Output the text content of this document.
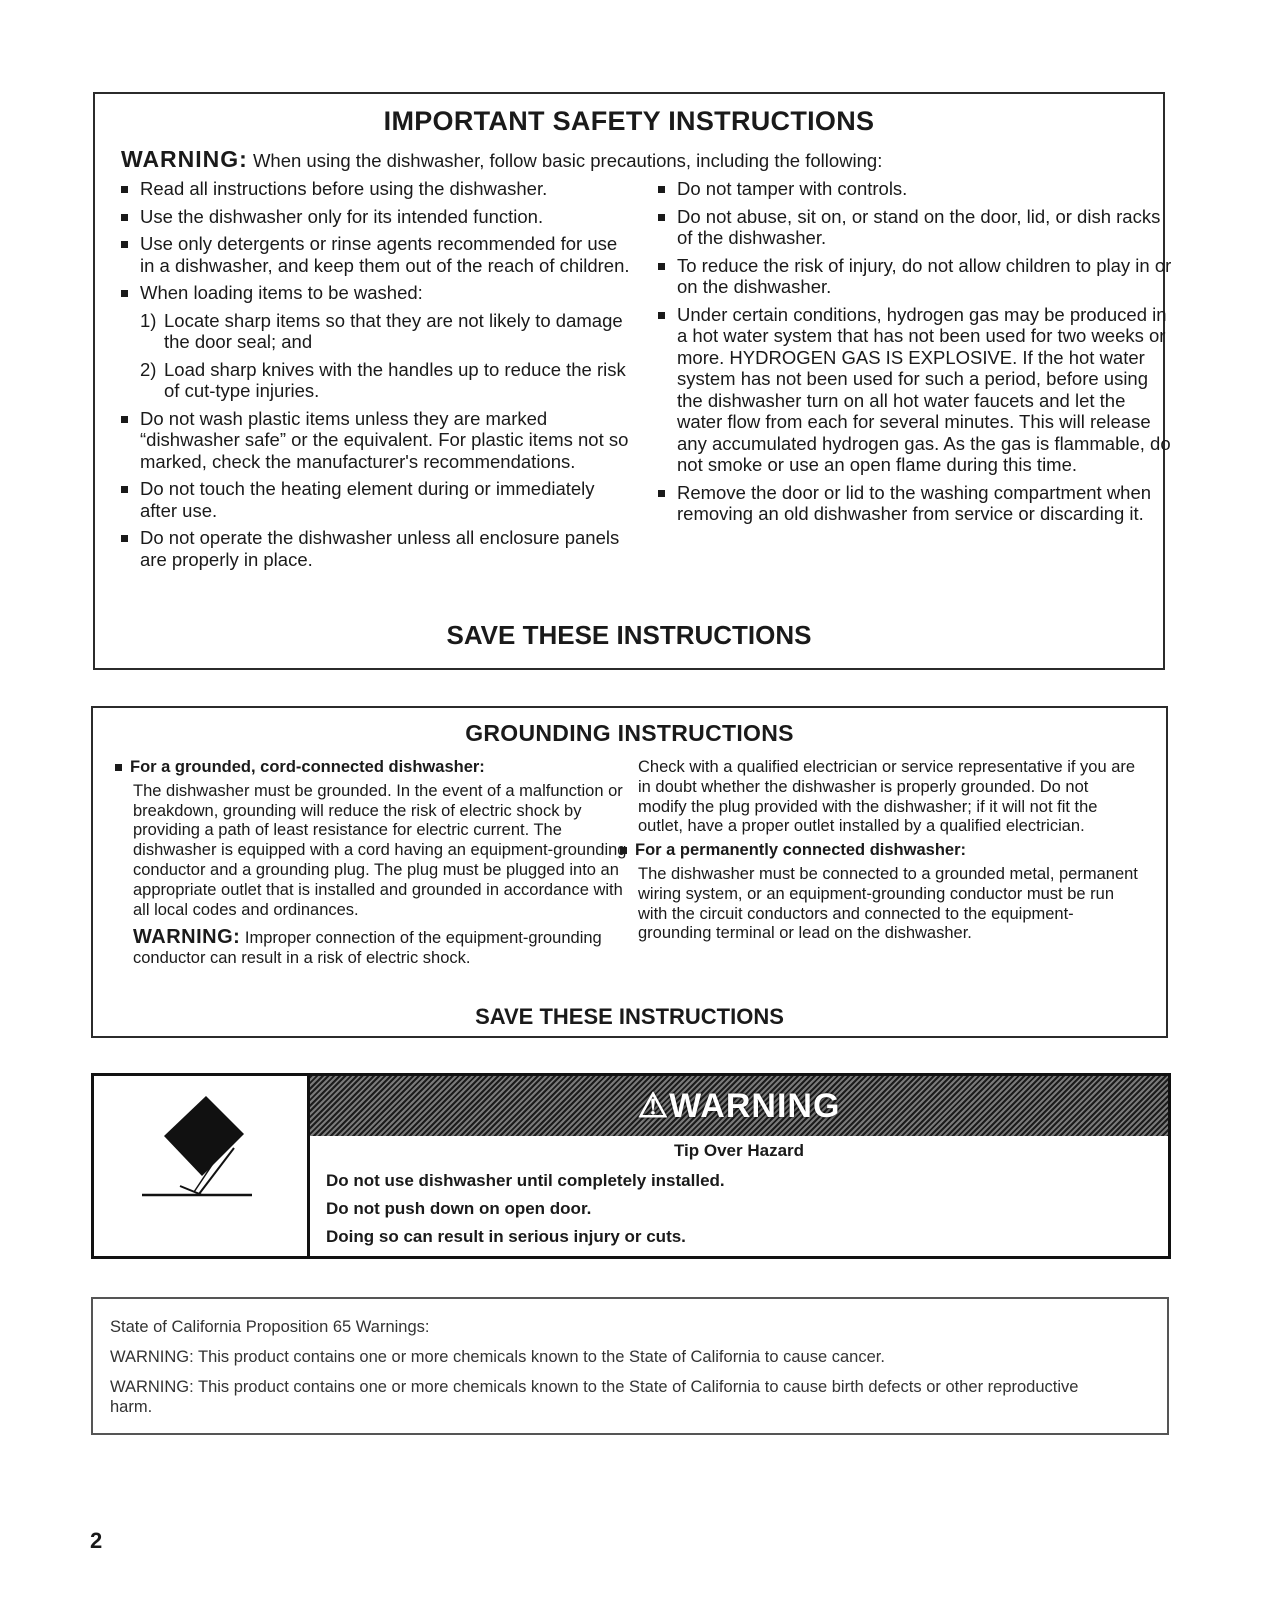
IMPORTANT SAFETY INSTRUCTIONS
WARNING: When using the dishwasher, follow basic precautions, including the following:
Read all instructions before using the dishwasher.
Use the dishwasher only for its intended function.
Use only detergents or rinse agents recommended for use in a dishwasher, and keep them out of the reach of children.
When loading items to be washed:
1) Locate sharp items so that they are not likely to damage the door seal; and
2) Load sharp knives with the handles up to reduce the risk of cut-type injuries.
Do not wash plastic items unless they are marked “dishwasher safe” or the equivalent. For plastic items not so marked, check the manufacturer's recommendations.
Do not touch the heating element during or immediately after use.
Do not operate the dishwasher unless all enclosure panels are properly in place.
Do not tamper with controls.
Do not abuse, sit on, or stand on the door, lid, or dish racks of the dishwasher.
To reduce the risk of injury, do not allow children to play in or on the dishwasher.
Under certain conditions, hydrogen gas may be produced in a hot water system that has not been used for two weeks or more. HYDROGEN GAS IS EXPLOSIVE. If the hot water system has not been used for such a period, before using the dishwasher turn on all hot water faucets and let the water flow from each for several minutes. This will release any accumulated hydrogen gas. As the gas is flammable, do not smoke or use an open flame during this time.
Remove the door or lid to the washing compartment when removing an old dishwasher from service or discarding it.
SAVE THESE INSTRUCTIONS
GROUNDING INSTRUCTIONS
For a grounded, cord-connected dishwasher:
The dishwasher must be grounded. In the event of a malfunction or breakdown, grounding will reduce the risk of electric shock by providing a path of least resistance for electric current. The dishwasher is equipped with a cord having an equipment-grounding conductor and a grounding plug. The plug must be plugged into an appropriate outlet that is installed and grounded in accordance with all local codes and ordinances.
WARNING: Improper connection of the equipment-grounding conductor can result in a risk of electric shock.
Check with a qualified electrician or service representative if you are in doubt whether the dishwasher is properly grounded. Do not modify the plug provided with the dishwasher; if it will not fit the outlet, have a proper outlet installed by a qualified electrician.
For a permanently connected dishwasher:
The dishwasher must be connected to a grounded metal, permanent wiring system, or an equipment-grounding conductor must be run with the circuit conductors and connected to the equipment-grounding terminal or lead on the dishwasher.
SAVE THESE INSTRUCTIONS
⚠WARNING
Tip Over Hazard
Do not use dishwasher until completely installed.
Do not push down on open door.
Doing so can result in serious injury or cuts.

State of California Proposition 65 Warnings:

WARNING: This product contains one or more chemicals known to the State of California to cause cancer.

WARNING: This product contains one or more chemicals known to the State of California to cause birth defects or other reproductive harm.

2
